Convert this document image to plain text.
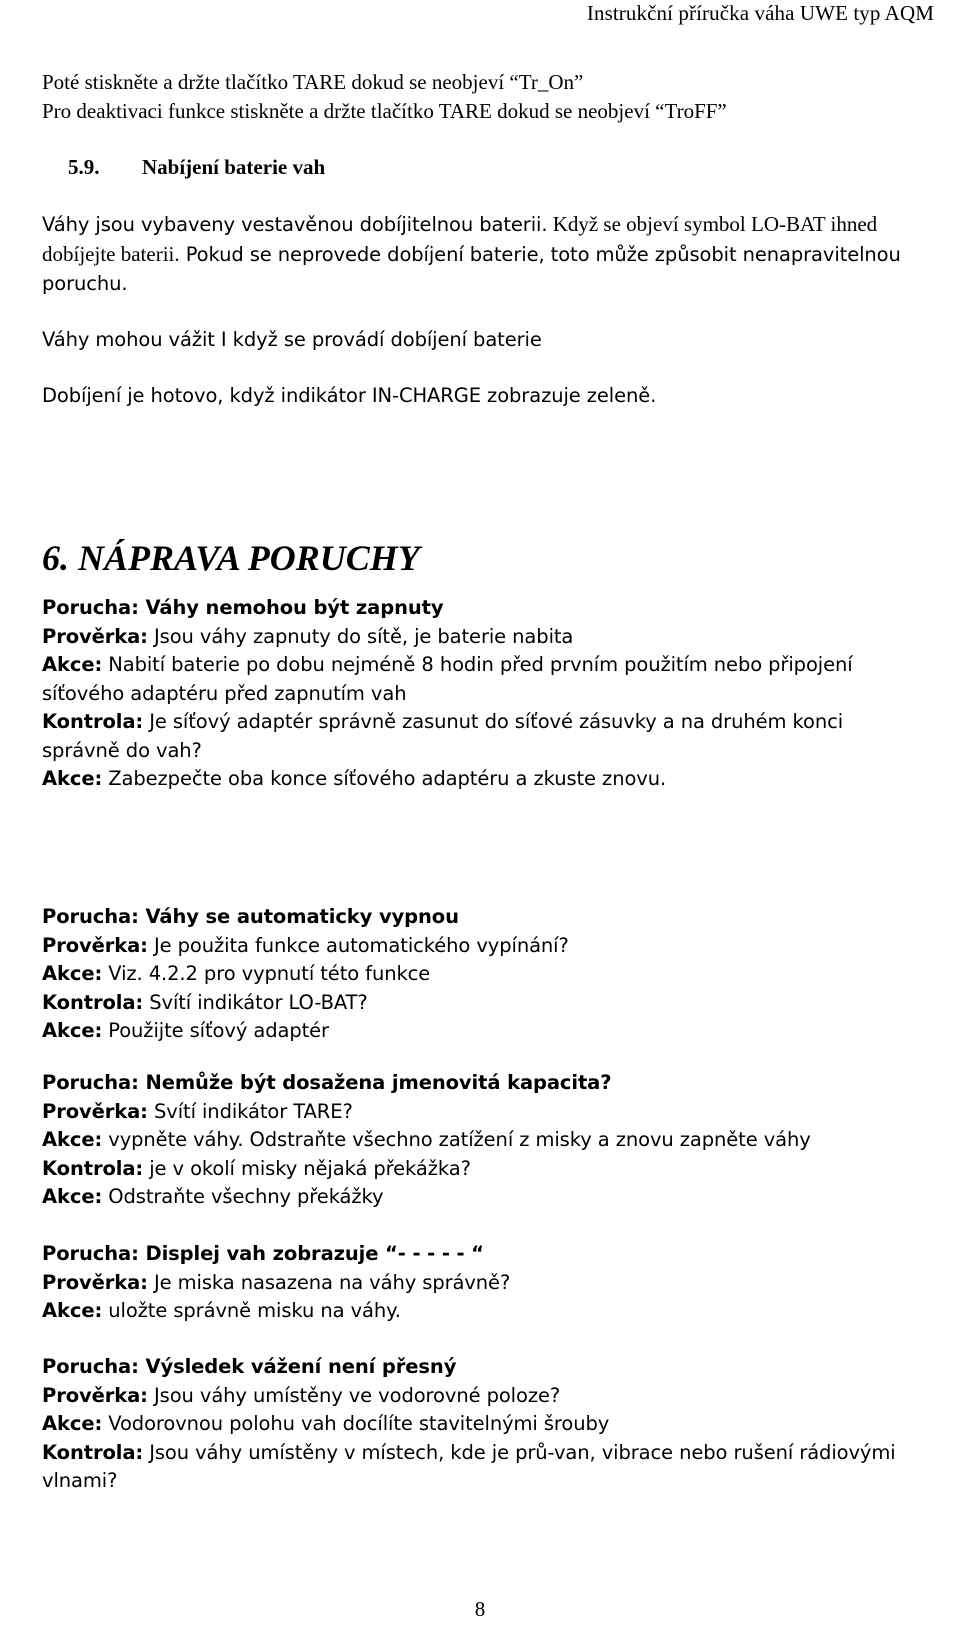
Instrukční příručka váha UWE typ AQM

Poté stiskněte a držte tlačítko TARE dokud se neobjeví “Tr_On”

Pro deaktivaci funkce stiskněte a držte tlačítko TARE dokud se neobjeví “TroFF”

5.9. Nabíjení baterie vah

Váhy jsou vybaveny vestavěnou dobíjitelnou baterii. Když se objeví symbol LO-BAT ihned dobíjejte baterii. Pokud se neprovede dobíjení baterie, toto může způsobit nenapravitelnou poruchu.

Váhy mohou vážit I když se provádí dobíjení baterie

Dobíjení je hotovo, když indikátor IN-CHARGE zobrazuje zeleně.

6. NÁPRAVA PORUCHY

Porucha: Váhy nemohou být zapnuty

Prověrka: Jsou váhy zapnuty do sítě, je baterie nabita

Akce: Nabití baterie po dobu nejméně 8 hodin před prvním použitím nebo připojení síťového adaptéru před zapnutím vah

Kontrola: Je síťový adaptér správně zasunut do síťové zásuvky a na druhém konci správně do vah?

Akce: Zabezpečte oba konce síťového adaptéru a zkuste znovu.

Porucha: Váhy se automaticky vypnou

Prověrka: Je použita funkce automatického vypínání?

Akce: Viz. 4.2.2 pro vypnutí této funkce

Kontrola: Svítí indikátor LO-BAT?

Akce: Použijte síťový adaptér

Porucha: Nemůže být dosažena jmenovitá kapacita?

Prověrka: Svítí indikátor TARE?

Akce: vypněte váhy. Odstraňte všechno zatížení z misky a znovu zapněte váhy

Kontrola: je v okolí misky nějaká překážka?

Akce: Odstraňte všechny překážky

Porucha: Displej vah zobrazuje “- - - - - “

Prověrka: Je miska nasazena na váhy správně?

Akce: uložte správně misku na váhy.

Porucha: Výsledek vážení není přesný

Prověrka: Jsou váhy umístěny ve vodorovné poloze?

Akce: Vodorovnou polohu vah docílíte stavitelnými šrouby

Kontrola: Jsou váhy umístěny v místech, kde je prů-van, vibrace nebo rušení rádiovými vlnami?

8
